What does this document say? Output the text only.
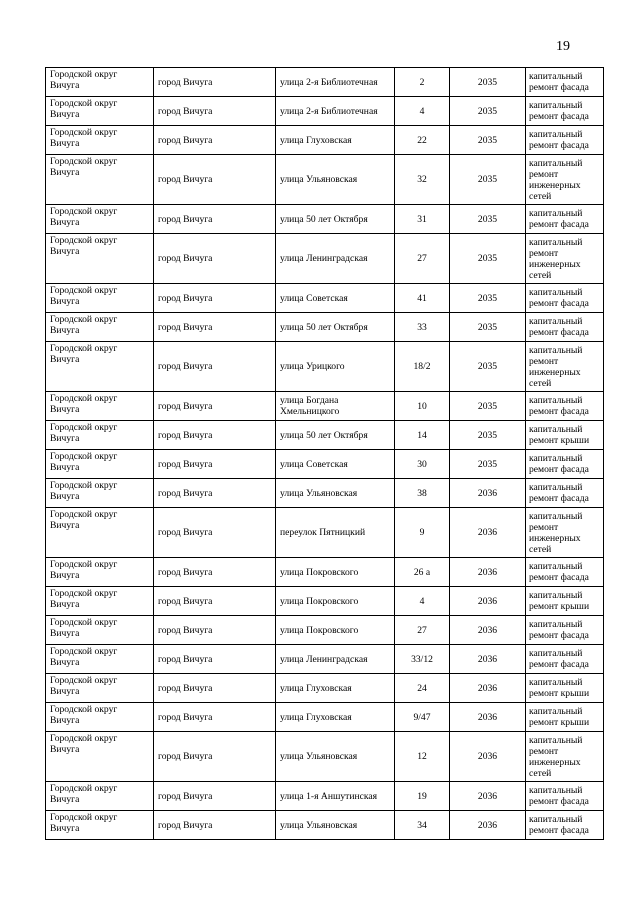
19
Городской округ Вичуга	город Вичуга	улица 2-я Библиотечная	2	2035	капитальный ремонт фасада
Городской округ Вичуга	город Вичуга	улица 2-я Библиотечная	4	2035	капитальный ремонт фасада
Городской округ Вичуга	город Вичуга	улица Глуховская	22	2035	капитальный ремонт фасада
Городской округ Вичуга	город Вичуга	улица Ульяновская	32	2035	капитальный ремонт инженерных сетей
Городской округ Вичуга	город Вичуга	улица 50 лет Октября	31	2035	капитальный ремонт фасада
Городской округ Вичуга	город Вичуга	улица Ленинградская	27	2035	капитальный ремонт инженерных сетей
Городской округ Вичуга	город Вичуга	улица Советская	41	2035	капитальный ремонт фасада
Городской округ Вичуга	город Вичуга	улица 50 лет Октября	33	2035	капитальный ремонт фасада
Городской округ Вичуга	город Вичуга	улица Урицкого	18/2	2035	капитальный ремонт инженерных сетей
Городской округ Вичуга	город Вичуга	улица Богдана Хмельницкого	10	2035	капитальный ремонт фасада
Городской округ Вичуга	город Вичуга	улица 50 лет Октября	14	2035	капитальный ремонт крыши
Городской округ Вичуга	город Вичуга	улица Советская	30	2035	капитальный ремонт фасада
Городской округ Вичуга	город Вичуга	улица Ульяновская	38	2036	капитальный ремонт фасада
Городской округ Вичуга	город Вичуга	переулок Пятницкий	9	2036	капитальный ремонт инженерных сетей
Городской округ Вичуга	город Вичуга	улица Покровского	26 а	2036	капитальный ремонт фасада
Городской округ Вичуга	город Вичуга	улица Покровского	4	2036	капитальный ремонт крыши
Городской округ Вичуга	город Вичуга	улица Покровского	27	2036	капитальный ремонт фасада
Городской округ Вичуга	город Вичуга	улица Ленинградская	33/12	2036	капитальный ремонт фасада
Городской округ Вичуга	город Вичуга	улица Глуховская	24	2036	капитальный ремонт крыши
Городской округ Вичуга	город Вичуга	улица Глуховская	9/47	2036	капитальный ремонт крыши
Городской округ Вичуга	город Вичуга	улица Ульяновская	12	2036	капитальный ремонт инженерных сетей
Городской округ Вичуга	город Вичуга	улица 1-я Аншутинская	19	2036	капитальный ремонт фасада
Городской округ Вичуга	город Вичуга	улица Ульяновская	34	2036	капитальный ремонт фасада
